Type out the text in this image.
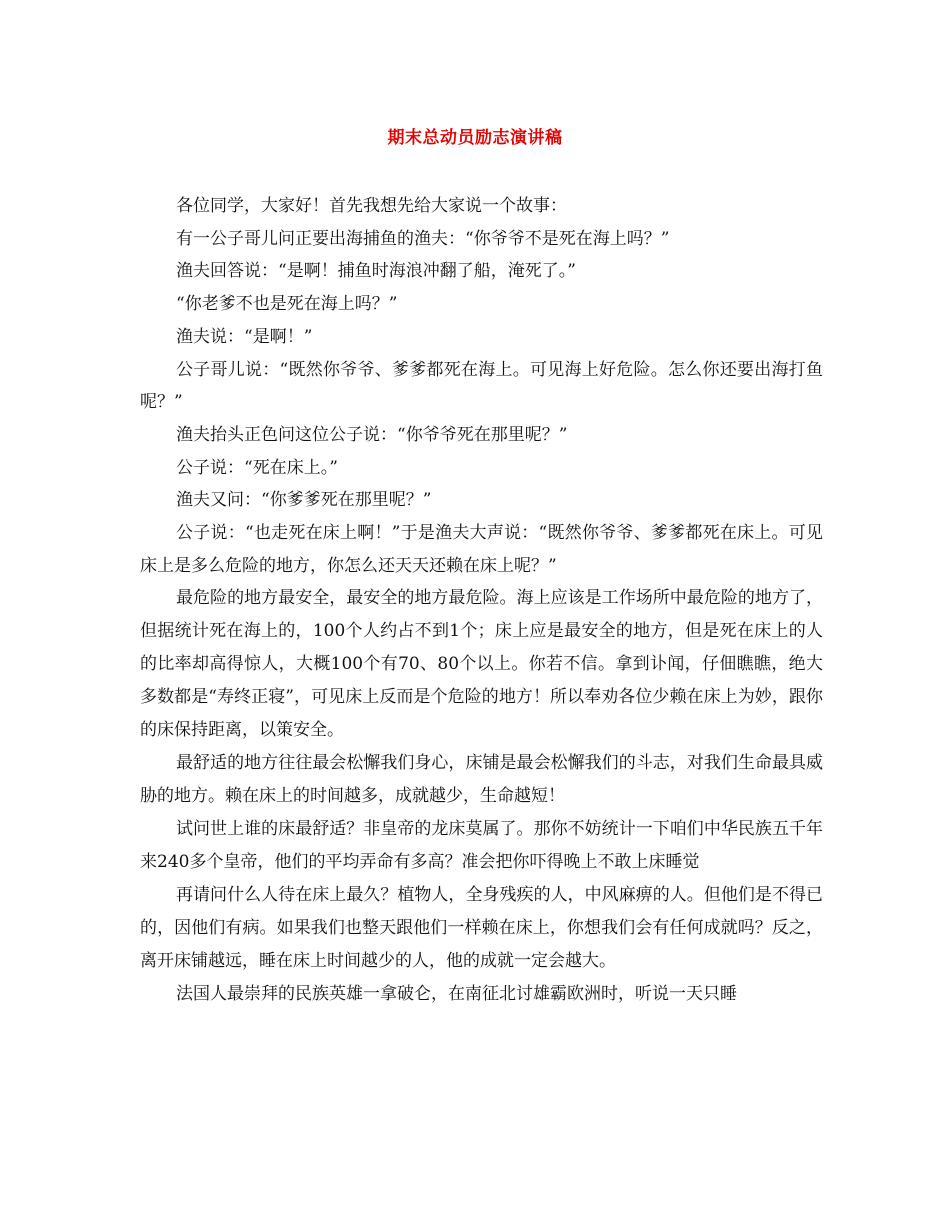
期末总动员励志演讲稿

各位同学，大家好！首先我想先给大家说一个故事：

有一公子哥儿问正要出海捕鱼的渔夫：“你爷爷不是死在海上吗？”

渔夫回答说：“是啊！捕鱼时海浪冲翻了船，淹死了。”

“你老爹不也是死在海上吗？”

渔夫说：“是啊！”

公子哥儿说：“既然你爷爷、爹爹都死在海上。可见海上好危险。怎么你还要出海打鱼呢？”

渔夫抬头正色问这位公子说：“你爷爷死在那里呢？”

公子说：“死在床上。”

渔夫又问：“你爹爹死在那里呢？”

公子说：“也走死在床上啊！”于是渔夫大声说：“既然你爷爷、爹爹都死在床上。可见床上是多么危险的地方，你怎么还天天还赖在床上呢？”

最危险的地方最安全，最安全的地方最危险。海上应该是工作场所中最危险的地方了，但据统计死在海上的，100个人约占不到1个；床上应是最安全的地方，但是死在床上的人的比率却高得惊人，大概100个有70、80个以上。你若不信。拿到讣闻，仔佃瞧瞧，绝大多数都是“寿终正寝”，可见床上反而是个危险的地方！所以奉劝各位少赖在床上为妙，跟你的床保持距离，以策安全。

最舒适的地方往往最会松懈我们身心，床铺是最会松懈我们的斗志，对我们生命最具威胁的地方。赖在床上的时间越多，成就越少，生命越短！

试问世上谁的床最舒适？非皇帝的龙床莫属了。那你不妨统计一下咱们中华民族五千年来240多个皇帝，他们的平均弄命有多高？准会把你吓得晚上不敢上床睡觉

再请问什么人待在床上最久？植物人，全身残疾的人，中风麻痹的人。但他们是不得已的，因他们有病。如果我们也整天跟他们一样赖在床上，你想我们会有任何成就吗？反之，离开床铺越远，睡在床上时间越少的人，他的成就一定会越大。

法国人最崇拜的民族英雄一拿破仑，在南征北讨雄霸欧洲时，听说一天只睡
